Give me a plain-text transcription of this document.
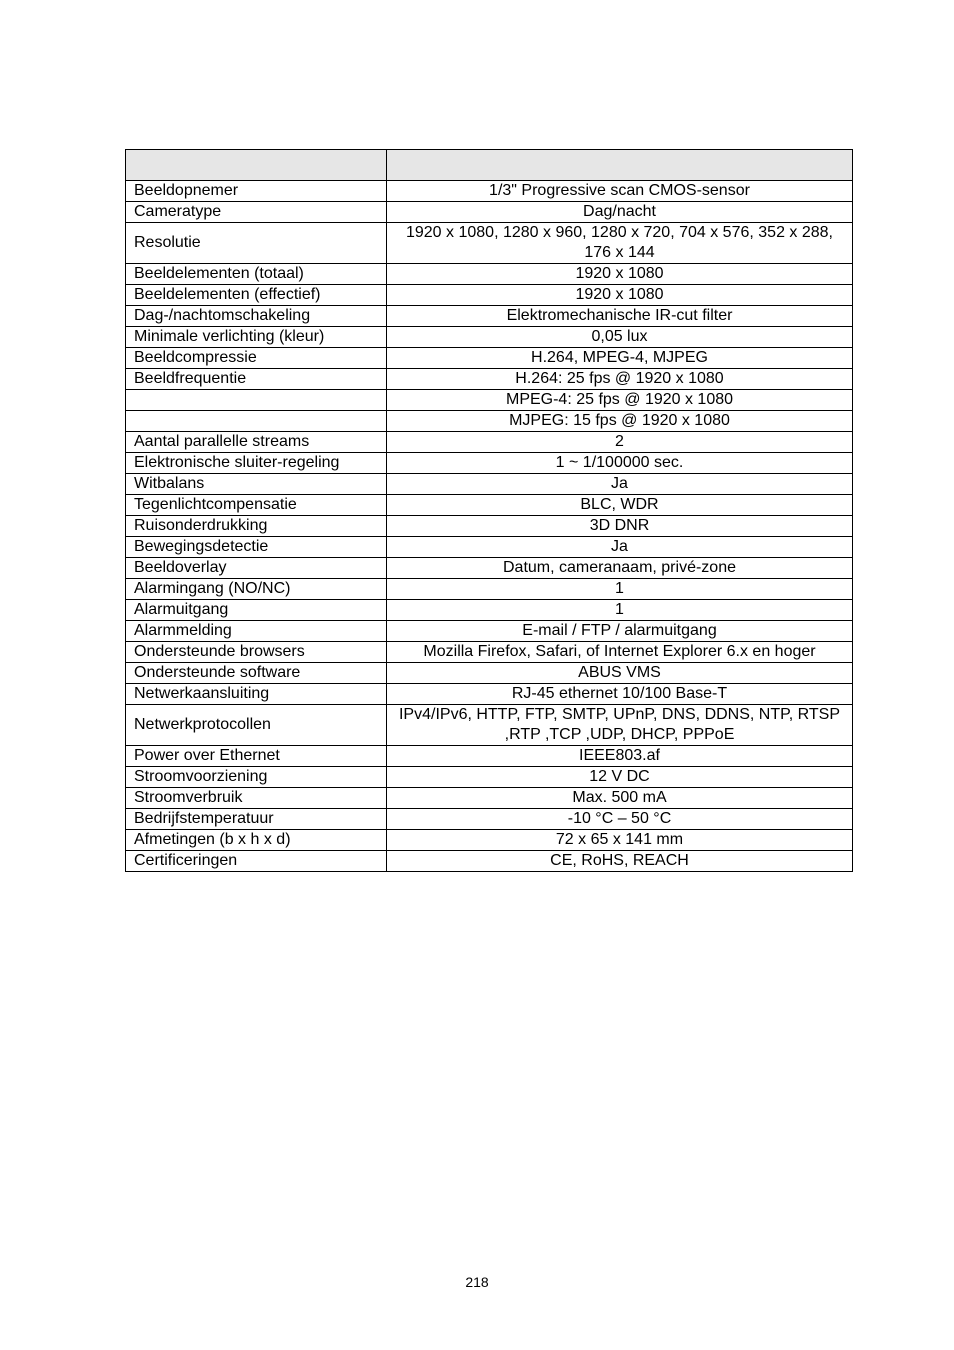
Beeldopnemer	1/3" Progressive scan CMOS-sensor
Cameratype	Dag/nacht
Resolutie	1920 x 1080, 1280 x 960, 1280 x 720, 704 x 576, 352 x 288, 176 x 144
Beeldelementen (totaal)	1920 x 1080
Beeldelementen (effectief)	1920 x 1080
Dag-/nachtomschakeling	Elektromechanische IR-cut filter
Minimale verlichting (kleur)	0,05 lux
Beeldcompressie	H.264, MPEG-4, MJPEG
Beeldfrequentie	H.264: 25 fps @ 1920 x 1080
	MPEG-4: 25 fps @ 1920 x 1080
	MJPEG: 15 fps @ 1920 x 1080
Aantal parallelle streams	2
Elektronische sluiter-regeling	1 ~ 1/100000 sec.
Witbalans	Ja
Tegenlichtcompensatie	BLC, WDR
Ruisonderdrukking	3D DNR
Bewegingsdetectie	Ja
Beeldoverlay	Datum, cameranaam, privé-zone
Alarmingang (NO/NC)	1
Alarmuitgang	1
Alarmmelding	E-mail / FTP / alarmuitgang
Ondersteunde browsers	Mozilla Firefox, Safari, of Internet Explorer 6.x en hoger
Ondersteunde software	ABUS VMS
Netwerkaansluiting	RJ-45 ethernet 10/100 Base-T
Netwerkprotocollen	IPv4/IPv6, HTTP, FTP, SMTP, UPnP, DNS, DDNS, NTP, RTSP ,RTP ,TCP ,UDP, DHCP, PPPoE
Power over Ethernet	IEEE803.af
Stroomvoorziening	12 V DC
Stroomverbruik	Max. 500 mA
Bedrijfstemperatuur	-10 °C – 50 °C
Afmetingen (b x h x d)	72 x 65 x 141 mm
Certificeringen	CE, RoHS, REACH
218
